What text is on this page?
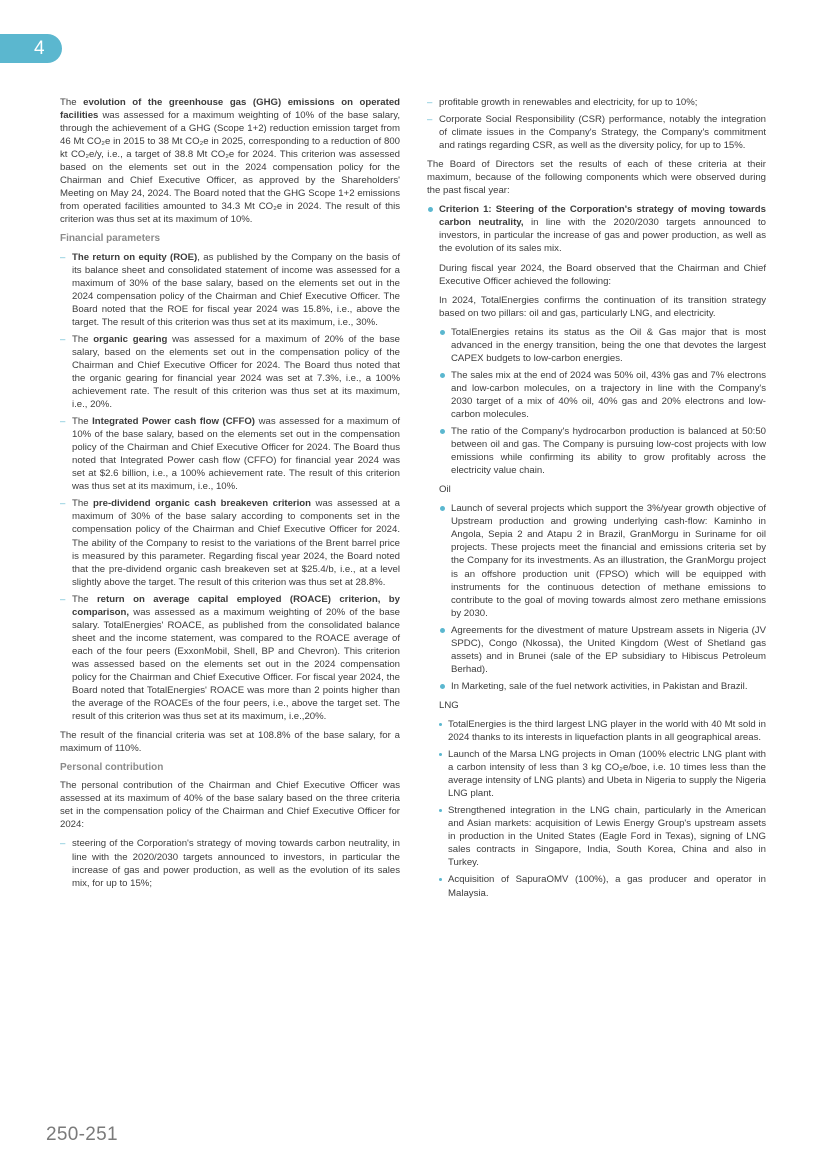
4

The evolution of the greenhouse gas (GHG) emissions on operated facilities was assessed for a maximum weighting of 10% of the base salary, through the achievement of a GHG (Scope 1+2) reduction emission target from 46 Mt CO₂e in 2015 to 38 Mt CO₂e in 2025, corresponding to a reduction of 800 kt CO₂e/y, i.e., a target of 38.8 Mt CO₂e for 2024. This criterion was assessed based on the elements set out in the 2024 compensation policy for the Chairman and Chief Executive Officer, as approved by the Shareholders' Meeting on May 24, 2024. The Board noted that the GHG Scope 1+2 emissions from operated facilities amounted to 34.3 Mt CO₂e in 2024. The result of this criterion was thus set at its maximum of 10%.

Financial parameters
– The return on equity (ROE), as published by the Company on the basis of its balance sheet and consolidated statement of income was assessed for a maximum of 30% of the base salary, based on the elements set out in the 2024 compensation policy of the Chairman and Chief Executive Officer. The Board noted that the ROE for fiscal year 2024 was 15.8%, i.e., above the target. The result of this criterion was thus set at its maximum, i.e., 30%.
– The organic gearing was assessed for a maximum of 20% of the base salary, based on the elements set out in the compensation policy of the Chairman and Chief Executive Officer for 2024. The Board thus noted that the organic gearing for financial year 2024 was set at 7.3%, i.e., a 100% achievement rate. The result of this criterion was thus set at its maximum, i.e., 20%.
– The Integrated Power cash flow (CFFO) was assessed for a maximum of 10% of the base salary, based on the elements set out in the compensation policy of the Chairman and Chief Executive Officer for 2024. The Board thus noted that Integrated Power cash flow (CFFO) for financial year 2024 was set at $2.6 billion, i.e., a 100% achievement rate. The result of this criterion was thus set at its maximum, i.e., 10%.
– The pre-dividend organic cash breakeven criterion was assessed at a maximum of 30% of the base salary according to components set in the compensation policy of the Chairman and Chief Executive Officer for 2024. The ability of the Company to resist to the variations of the Brent barrel price is measured by this parameter. Regarding fiscal year 2024, the Board noted that the pre-dividend organic cash breakeven set at $25.4/b, i.e., at a level slightly above the target. The result of this criterion was thus set at 28.8%.
– The return on average capital employed (ROACE) criterion, by comparison, was assessed as a maximum weighting of 20% of the base salary. TotalEnergies' ROACE, as published from the consolidated balance sheet and the income statement, was compared to the ROACE average of each of the four peers (ExxonMobil, Shell, BP and Chevron). This criterion was assessed based on the elements set out in the 2024 compensation policy for the Chairman and Chief Executive Officer. For fiscal year 2024, the Board noted that TotalEnergies' ROACE was more than 2 points higher than the average of the ROACEs of the four peers, i.e., above the target set. The result of this criterion was thus set at its maximum, i.e.,20%.

The result of the financial criteria was set at 108.8% of the base salary, for a maximum of 110%.

Personal contribution

The personal contribution of the Chairman and Chief Executive Officer was assessed at its maximum of 40% of the base salary based on the three criteria set in the compensation policy of the Chairman and Chief Executive Officer for 2024:

– steering of the Corporation's strategy of moving towards carbon neutrality, in line with the 2020/2030 targets announced to investors, in particular the increase of gas and power production, as well as the evolution of its sales mix, for up to 15%;
– profitable growth in renewables and electricity, for up to 10%;
– Corporate Social Responsibility (CSR) performance, notably the integration of climate issues in the Company's Strategy, the Company's commitment and ratings regarding CSR, as well as the diversity policy, for up to 15%.

The Board of Directors set the results of each of these criteria at their maximum, because of the following components which were observed during the past fiscal year:

Criterion 1: Steering of the Corporation's strategy of moving towards carbon neutrality, in line with the 2020/2030 targets announced to investors, in particular the increase of gas and power production, as well as the evolution of its sales mix.

During fiscal year 2024, the Board observed that the Chairman and Chief Executive Officer achieved the following:

In 2024, TotalEnergies confirms the continuation of its transition strategy based on two pillars: oil and gas, particularly LNG, and electricity.

TotalEnergies retains its status as the Oil & Gas major that is most advanced in the energy transition, being the one that devotes the largest CAPEX budgets to low-carbon energies.
The sales mix at the end of 2024 was 50% oil, 43% gas and 7% electrons and low-carbon molecules, on a trajectory in line with the Company's 2030 target of a mix of 40% oil, 40% gas and 20% electrons and low-carbon molecules.
The ratio of the Company's hydrocarbon production is balanced at 50:50 between oil and gas. The Company is pursuing low-cost projects with low emissions while confirming its ability to grow profitably across the electricity value chain.

Oil

Launch of several projects which support the 3%/year growth objective of Upstream production and growing underlying cash-flow: Kaminho in Angola, Sepia 2 and Atapu 2 in Brazil, GranMorgu in Suriname for oil projects. These projects meet the financial and emissions criteria set by the Company for its investments. As an illustration, the GranMorgu project is an offshore production unit (FPSO) which will be equipped with instruments for the continuous detection of methane emissions to contribute to the goal of moving towards almost zero methane emissions by 2030.
Agreements for the divestment of mature Upstream assets in Nigeria (JV SPDC), Congo (Nkossa), the United Kingdom (West of Shetland gas assets) and in Brunei (sale of the EP subsidiary to Hibiscus Petroleum Berhad).
In Marketing, sale of the fuel network activities, in Pakistan and Brazil.

LNG

TotalEnergies is the third largest LNG player in the world with 40 Mt sold in 2024 thanks to its interests in liquefaction plants in all geographical areas.
Launch of the Marsa LNG projects in Oman (100% electric LNG plant with a carbon intensity of less than 3 kg CO₂e/boe, i.e. 10 times less than the average intensity of LNG plants) and Ubeta in Nigeria to supply the Nigeria LNG plant.
Strengthened integration in the LNG chain, particularly in the American and Asian markets: acquisition of Lewis Energy Group's upstream assets in production in the United States (Eagle Ford in Texas), signing of LNG sales contracts in Singapore, India, South Korea, China and also in Turkey.
Acquisition of SapuraOMV (100%), a gas producer and operator in Malaysia.
250-251
